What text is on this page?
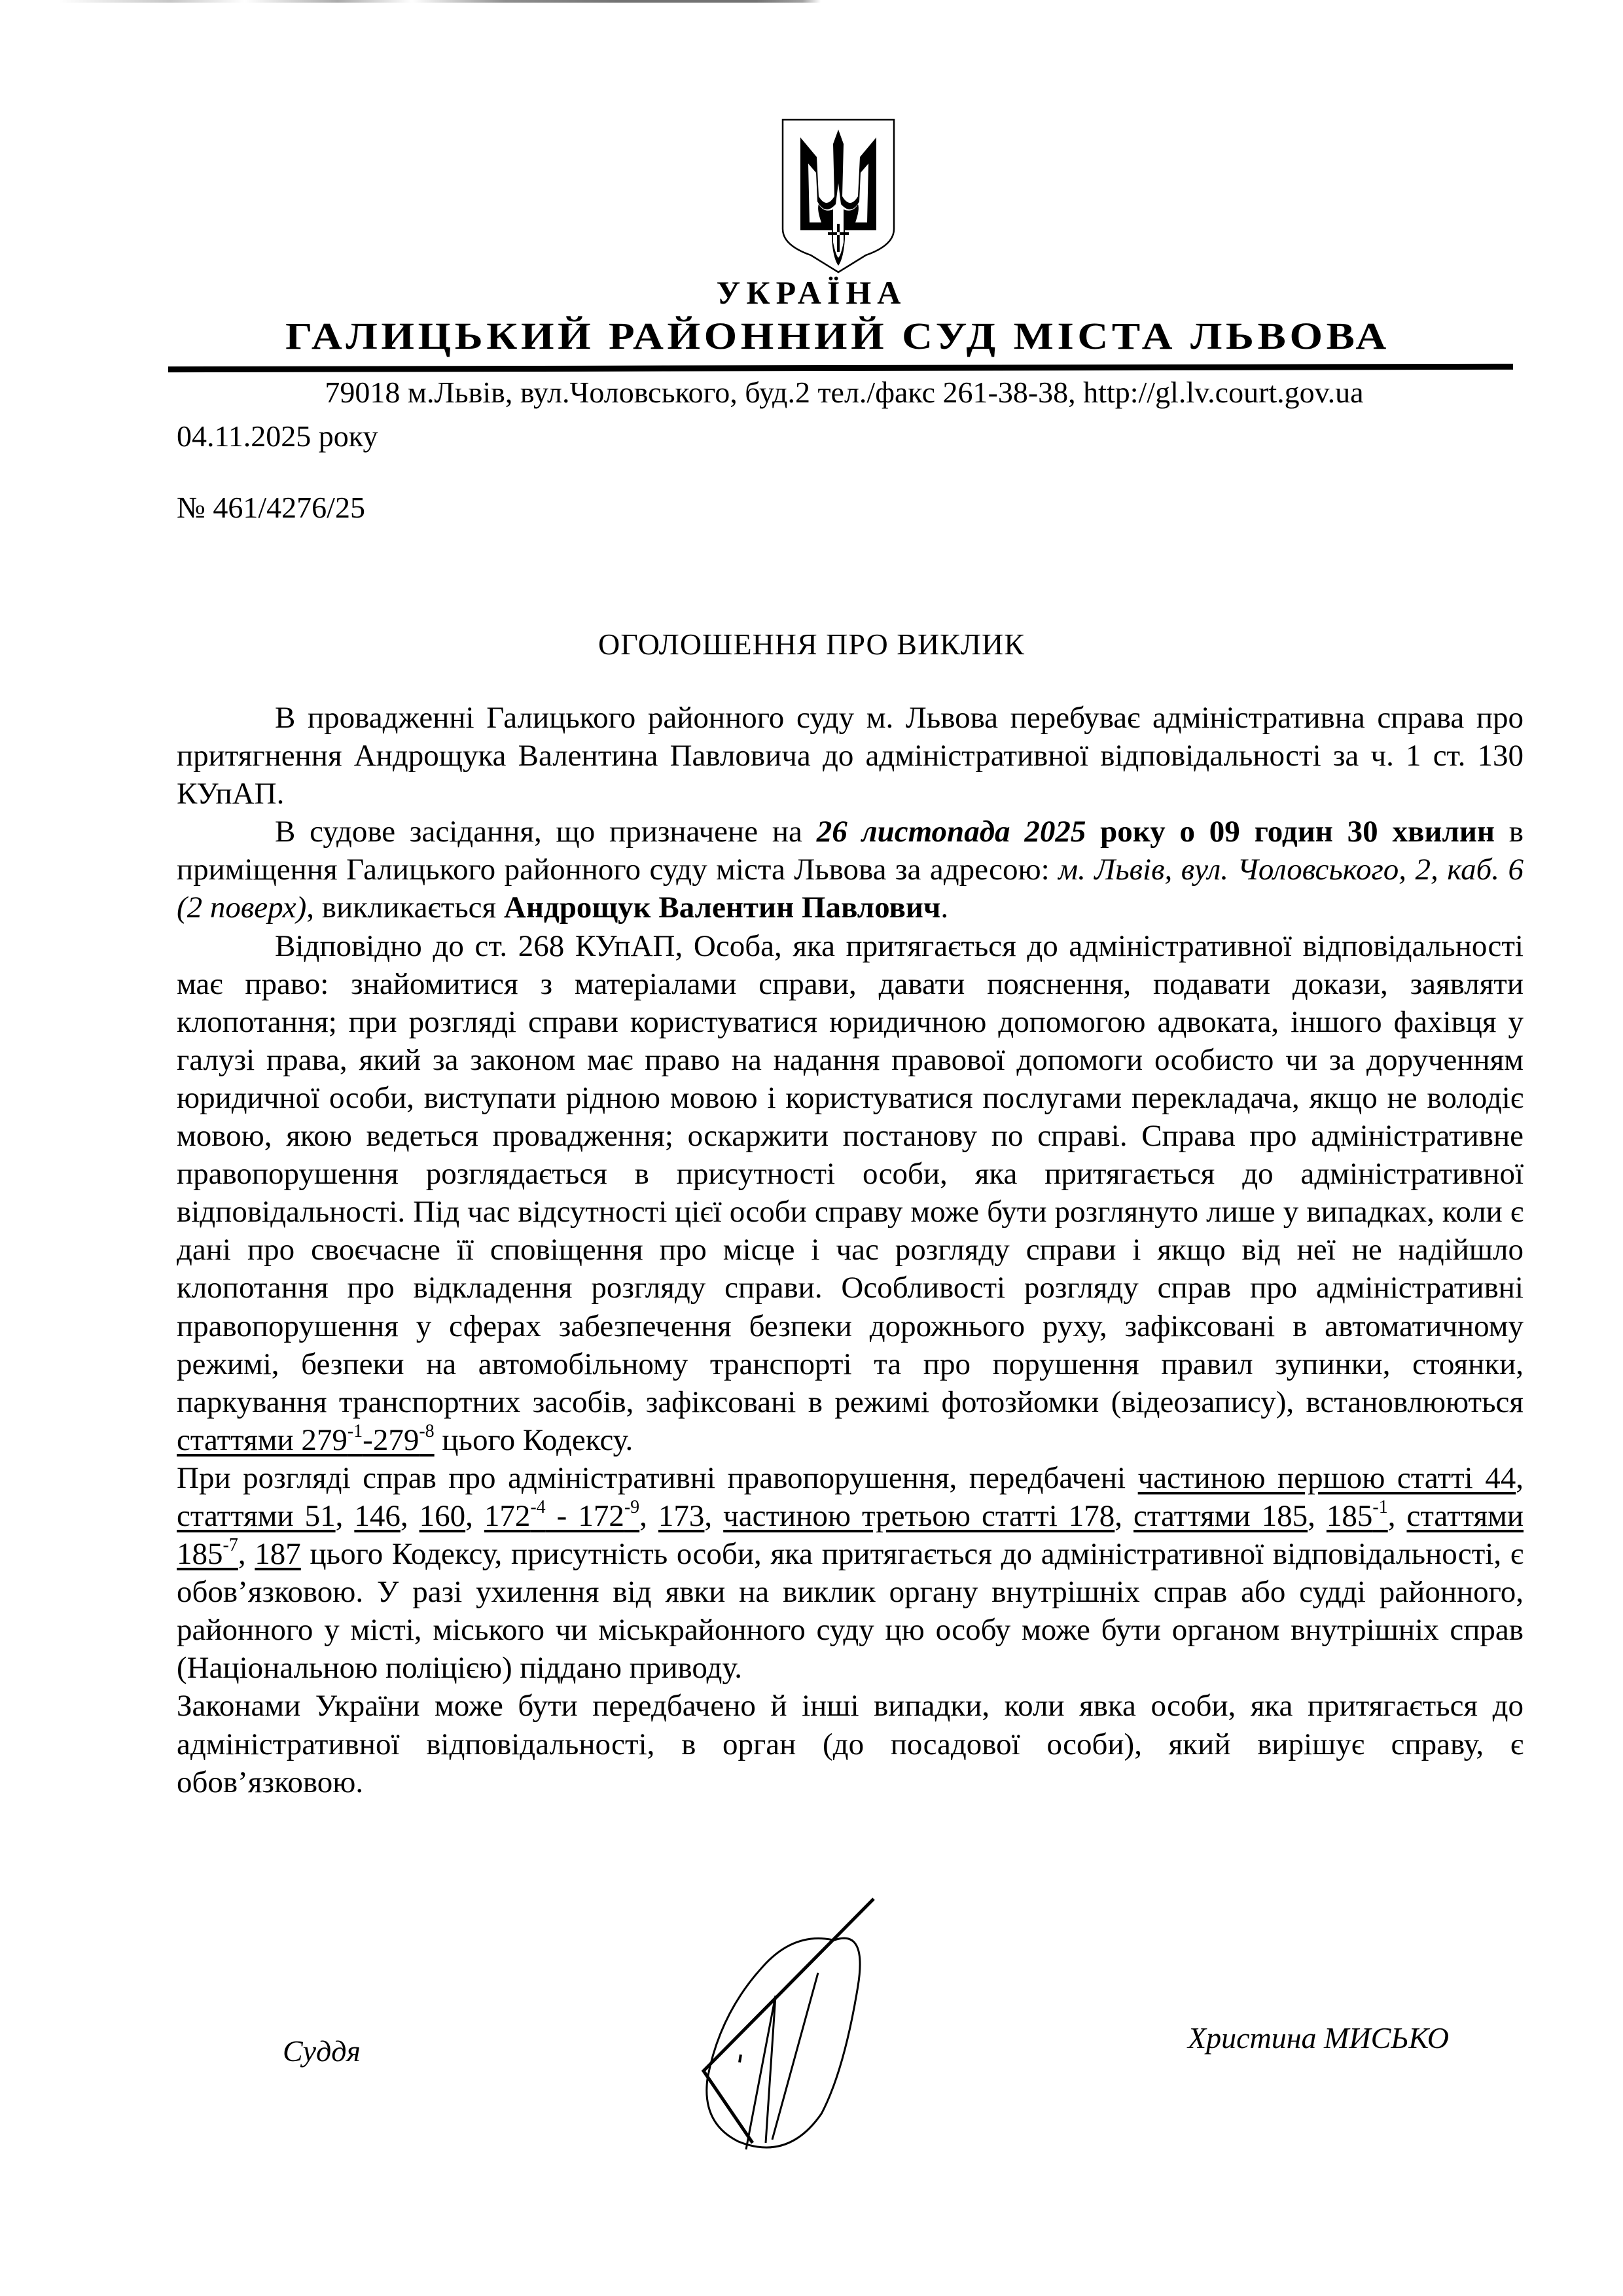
УКРАЇНА
ГАЛИЦЬКИЙ РАЙОННИЙ СУД МІСТА ЛЬВОВА
79018 м.Львів, вул.Чоловського, буд.2 тел./факс 261-38-38, http://gl.lv.court.gov.ua
04.11.2025 року
№ 461/4276/25
ОГОЛОШЕННЯ ПРО ВИКЛИК

В провадженні Галицького районного суду м. Львова перебуває адміністративна справа про притягнення Андрощука Валентина Павловича до адміністративної відповідальності за ч. 1 ст. 130 КУпАП.

В судове засідання, що призначене на 26 листопада 2025 року о 09 годин 30 хвилин в приміщення Галицького районного суду міста Львова за адресою: м. Львів, вул. Чоловського, 2, каб. 6 (2 поверх), викликається Андрощук Валентин Павлович.

Відповідно до ст. 268 КУпАП, Особа, яка притягається до адміністративної відповідальності має право: знайомитися з матеріалами справи, давати пояснення, подавати докази, заявляти клопотання; при розгляді справи користуватися юридичною допомогою адвоката, іншого фахівця у галузі права, який за законом має право на надання правової допомоги особисто чи за дорученням юридичної особи, виступати рідною мовою і користуватися послугами перекладача, якщо не володіє мовою, якою ведеться провадження; оскаржити постанову по справі. Справа про адміністративне правопорушення розглядається в присутності особи, яка притягається до адміністративної відповідальності. Під час відсутності цієї особи справу може бути розглянуто лише у випадках, коли є дані про своєчасне її сповіщення про місце і час розгляду справи і якщо від неї не надійшло клопотання про відкладення розгляду справи. Особливості розгляду справ про адміністративні правопорушення у сферах забезпечення безпеки дорожнього руху, зафіксовані в автоматичному режимі, безпеки на автомобільному транспорті та про порушення правил зупинки, стоянки, паркування транспортних засобів, зафіксовані в режимі фотозйомки (відеозапису), встановлюються статтями $279^{-1}-279^{-8}$ цього Кодексу.

При розгляді справ про адміністративні правопорушення, передбачені частиною першою статті 44, статтями 51, 146, 160, $172^{-4} - 172^{-9}$, 173, частиною третьою статті 178, статтями 185, $185^{-1}$, статтями $185^{-7}$, 187 цього Кодексу, присутність особи, яка притягається до адміністративної відповідальності, є обов’язковою. У разі ухилення від явки на виклик органу внутрішніх справ або судді районного, районного у місті, міського чи міськрайонного суду цю особу може бути органом внутрішніх справ (Національною поліцією) піддано приводу.

Законами України може бути передбачено й інші випадки, коли явка особи, яка притягається до адміністративної відповідальності, в орган (до посадової особи), який вирішує справу, є обов’язковою.

Суддя	Христина МИСЬКО
